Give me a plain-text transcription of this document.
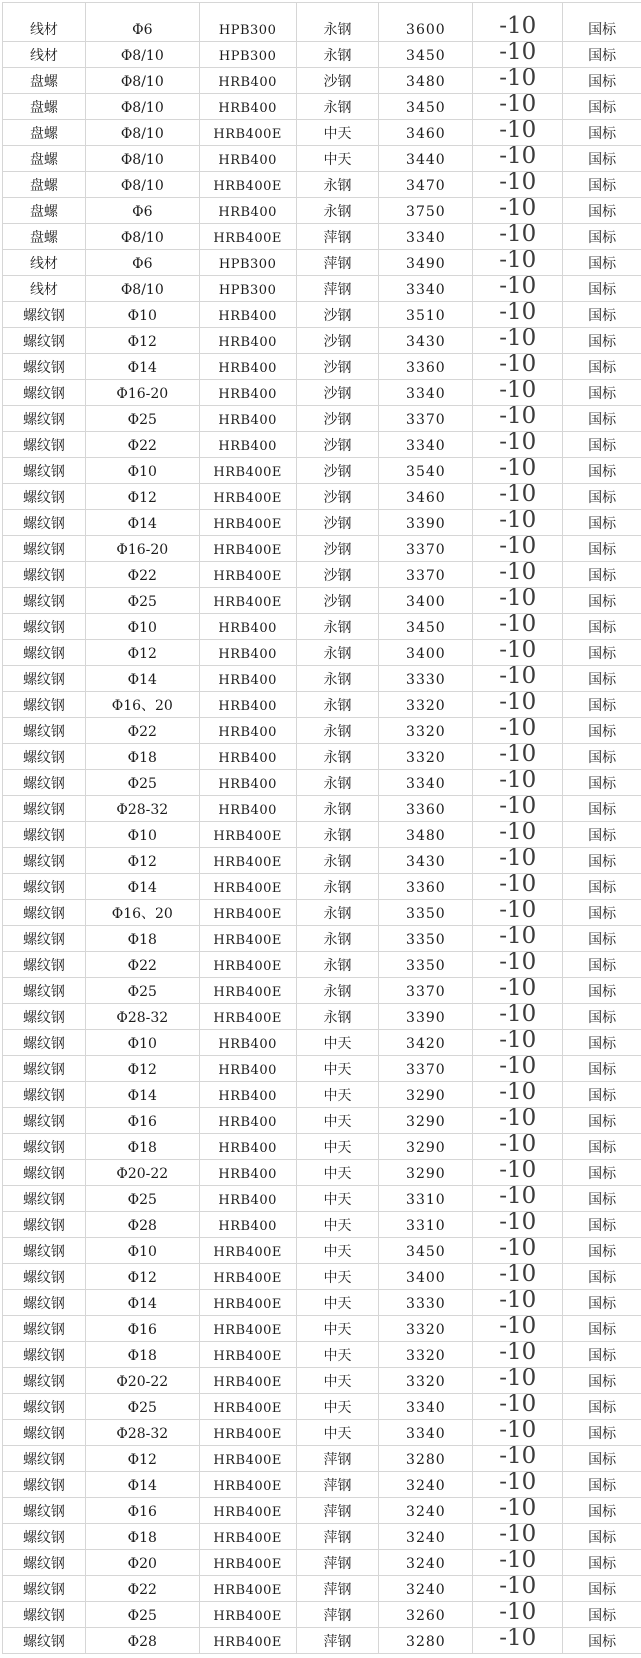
线材	Φ6	HPB300	永钢	3600	-10	国标
线材	Φ8/10	HPB300	永钢	3450	-10	国标
盘螺	Φ8/10	HRB400	沙钢	3480	-10	国标
盘螺	Φ8/10	HRB400	永钢	3450	-10	国标
盘螺	Φ8/10	HRB400E	中天	3460	-10	国标
盘螺	Φ8/10	HRB400	中天	3440	-10	国标
盘螺	Φ8/10	HRB400E	永钢	3470	-10	国标
盘螺	Φ6	HRB400	永钢	3750	-10	国标
盘螺	Φ8/10	HRB400E	萍钢	3340	-10	国标
线材	Φ6	HPB300	萍钢	3490	-10	国标
线材	Φ8/10	HPB300	萍钢	3340	-10	国标
螺纹钢	Φ10	HRB400	沙钢	3510	-10	国标
螺纹钢	Φ12	HRB400	沙钢	3430	-10	国标
螺纹钢	Φ14	HRB400	沙钢	3360	-10	国标
螺纹钢	Φ16-20	HRB400	沙钢	3340	-10	国标
螺纹钢	Φ25	HRB400	沙钢	3370	-10	国标
螺纹钢	Φ22	HRB400	沙钢	3340	-10	国标
螺纹钢	Φ10	HRB400E	沙钢	3540	-10	国标
螺纹钢	Φ12	HRB400E	沙钢	3460	-10	国标
螺纹钢	Φ14	HRB400E	沙钢	3390	-10	国标
螺纹钢	Φ16-20	HRB400E	沙钢	3370	-10	国标
螺纹钢	Φ22	HRB400E	沙钢	3370	-10	国标
螺纹钢	Φ25	HRB400E	沙钢	3400	-10	国标
螺纹钢	Φ10	HRB400	永钢	3450	-10	国标
螺纹钢	Φ12	HRB400	永钢	3400	-10	国标
螺纹钢	Φ14	HRB400	永钢	3330	-10	国标
螺纹钢	Φ16、20	HRB400	永钢	3320	-10	国标
螺纹钢	Φ22	HRB400	永钢	3320	-10	国标
螺纹钢	Φ18	HRB400	永钢	3320	-10	国标
螺纹钢	Φ25	HRB400	永钢	3340	-10	国标
螺纹钢	Φ28-32	HRB400	永钢	3360	-10	国标
螺纹钢	Φ10	HRB400E	永钢	3480	-10	国标
螺纹钢	Φ12	HRB400E	永钢	3430	-10	国标
螺纹钢	Φ14	HRB400E	永钢	3360	-10	国标
螺纹钢	Φ16、20	HRB400E	永钢	3350	-10	国标
螺纹钢	Φ18	HRB400E	永钢	3350	-10	国标
螺纹钢	Φ22	HRB400E	永钢	3350	-10	国标
螺纹钢	Φ25	HRB400E	永钢	3370	-10	国标
螺纹钢	Φ28-32	HRB400E	永钢	3390	-10	国标
螺纹钢	Φ10	HRB400	中天	3420	-10	国标
螺纹钢	Φ12	HRB400	中天	3370	-10	国标
螺纹钢	Φ14	HRB400	中天	3290	-10	国标
螺纹钢	Φ16	HRB400	中天	3290	-10	国标
螺纹钢	Φ18	HRB400	中天	3290	-10	国标
螺纹钢	Φ20-22	HRB400	中天	3290	-10	国标
螺纹钢	Φ25	HRB400	中天	3310	-10	国标
螺纹钢	Φ28	HRB400	中天	3310	-10	国标
螺纹钢	Φ10	HRB400E	中天	3450	-10	国标
螺纹钢	Φ12	HRB400E	中天	3400	-10	国标
螺纹钢	Φ14	HRB400E	中天	3330	-10	国标
螺纹钢	Φ16	HRB400E	中天	3320	-10	国标
螺纹钢	Φ18	HRB400E	中天	3320	-10	国标
螺纹钢	Φ20-22	HRB400E	中天	3320	-10	国标
螺纹钢	Φ25	HRB400E	中天	3340	-10	国标
螺纹钢	Φ28-32	HRB400E	中天	3340	-10	国标
螺纹钢	Φ12	HRB400E	萍钢	3280	-10	国标
螺纹钢	Φ14	HRB400E	萍钢	3240	-10	国标
螺纹钢	Φ16	HRB400E	萍钢	3240	-10	国标
螺纹钢	Φ18	HRB400E	萍钢	3240	-10	国标
螺纹钢	Φ20	HRB400E	萍钢	3240	-10	国标
螺纹钢	Φ22	HRB400E	萍钢	3240	-10	国标
螺纹钢	Φ25	HRB400E	萍钢	3260	-10	国标
螺纹钢	Φ28	HRB400E	萍钢	3280	-10	国标
